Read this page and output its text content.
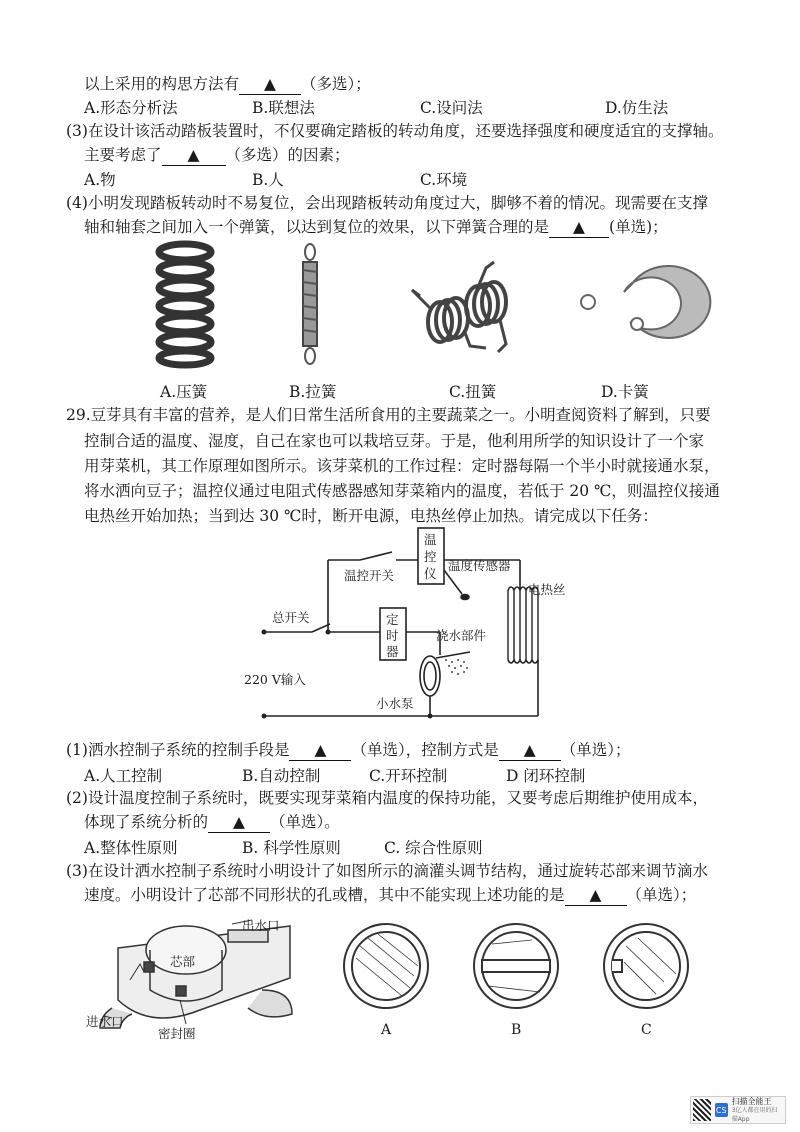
以上采用的构思方法有 ▲ （多选）；
A.形态分析法	B.联想法	C.设问法	D.仿生法
(3)在设计该活动踏板装置时，不仅要确定踏板的转动角度，还要选择强度和硬度适宜的支撑轴。
主要考虑了 ▲ （多选）的因素；
A.物	B.人	C.环境
(4)小明发现踏板转动时不易复位，会出现踏板转动角度过大，脚够不着的情况。现需要在支撑
轴和轴套之间加入一个弹簧，以达到复位的效果，以下弹簧合理的是 ▲ (单选)；
A.压簧	B.拉簧	C.扭簧	D.卡簧
29.豆芽具有丰富的营养，是人们日常生活所食用的主要蔬菜之一。小明查阅资料了解到，只要
控制合适的温度、湿度，自己在家也可以栽培豆芽。于是，他利用所学的知识设计了一个家
用芽菜机，其工作原理如图所示。该芽菜机的工作过程：定时器每隔一个半小时就接通水泵，
将水洒向豆子；温控仪通过电阻式传感器感知芽菜箱内的温度，若低于 20 ℃，则温控仪接通
电热丝开始加热；当到达 30 ℃时，断开电源，电热丝停止加热。请完成以下任务：
温控开关
温
控
仪
温度传感器
电热丝
总开关	定
时
器
浇水部件
220 V输入
小水泵
(1)洒水控制子系统的控制手段是 ▲ （单选），控制方式是 ▲ （单选）；
A.人工控制	B.自动控制	C.开环控制	D 闭环控制
(2)设计温度控制子系统时，既要实现芽菜箱内温度的保持功能，又要考虑后期维护使用成本，
体现了系统分析的 ▲ （单选）。
A.整体性原则	B. 科学性原则	C. 综合性原则
(3)在设计洒水控制子系统时小明设计了如图所示的滴灌头调节结构，通过旋转芯部来调节滴水
速度。小明设计了芯部不同形状的孔或槽，其中不能实现上述功能的是 ▲ （单选）；
出水口
芯部
进水口
密封圈	A	B	C
CS
扫描全能王
3亿人都在用的扫描App
